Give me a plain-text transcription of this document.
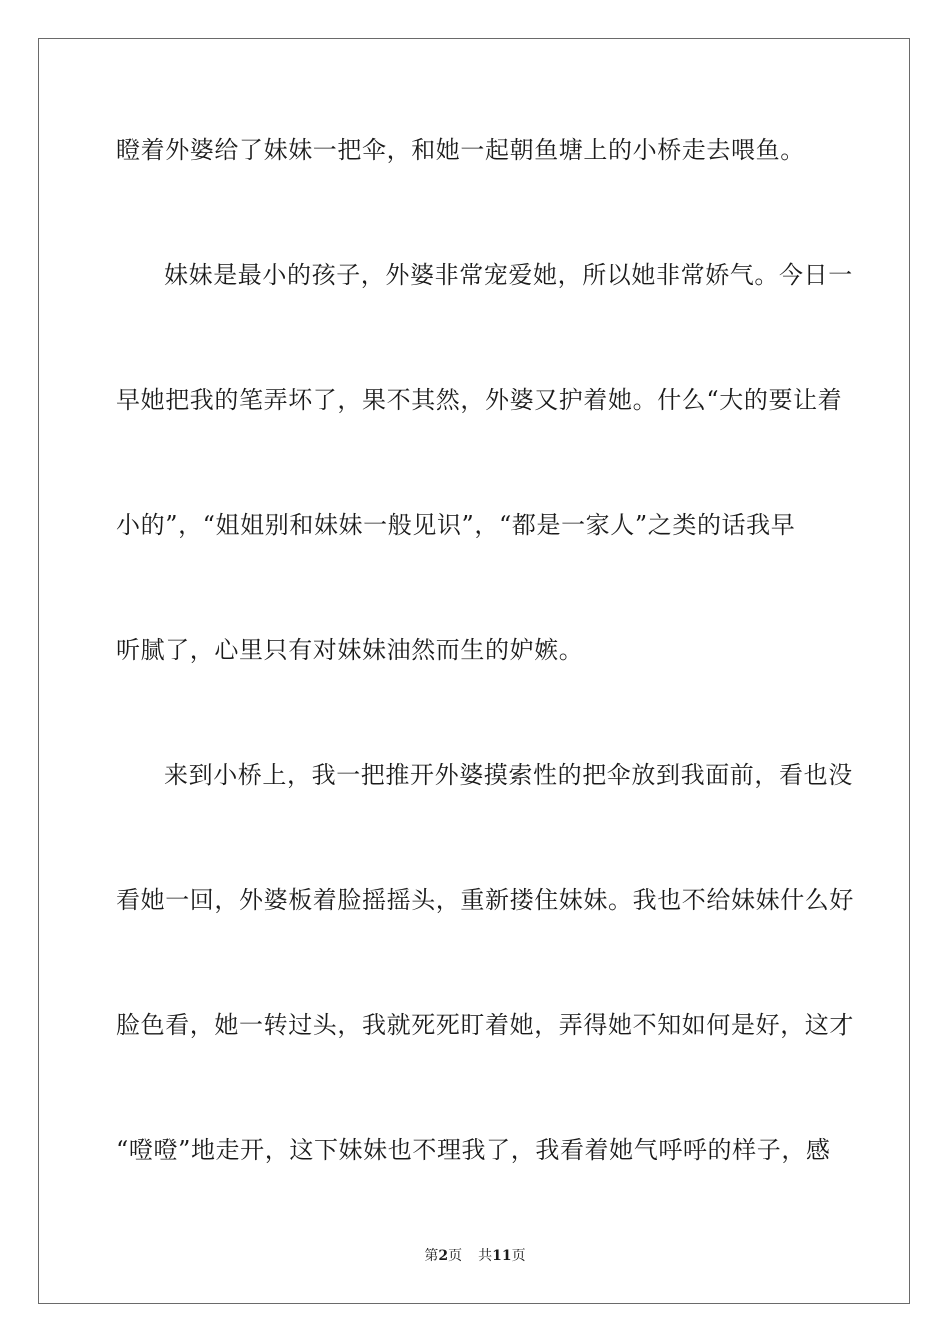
瞪着外婆给了妹妹一把伞，和她一起朝鱼塘上的小桥走去喂鱼。
妹妹是最小的孩子，外婆非常宠爱她，所以她非常娇气。今日一
早她把我的笔弄坏了，果不其然，外婆又护着她。什么“大的要让着
小的”，“姐姐别和妹妹一般见识”，“都是一家人”之类的话我早
听腻了，心里只有对妹妹油然而生的妒嫉。
来到小桥上，我一把推开外婆摸索性的把伞放到我面前，看也没
看她一回，外婆板着脸摇摇头，重新搂住妹妹。我也不给妹妹什么好
脸色看，她一转过头，我就死死盯着她，弄得她不知如何是好，这才
“噔噔”地走开，这下妹妹也不理我了，我看着她气呼呼的样子，感
第2页 共11页
